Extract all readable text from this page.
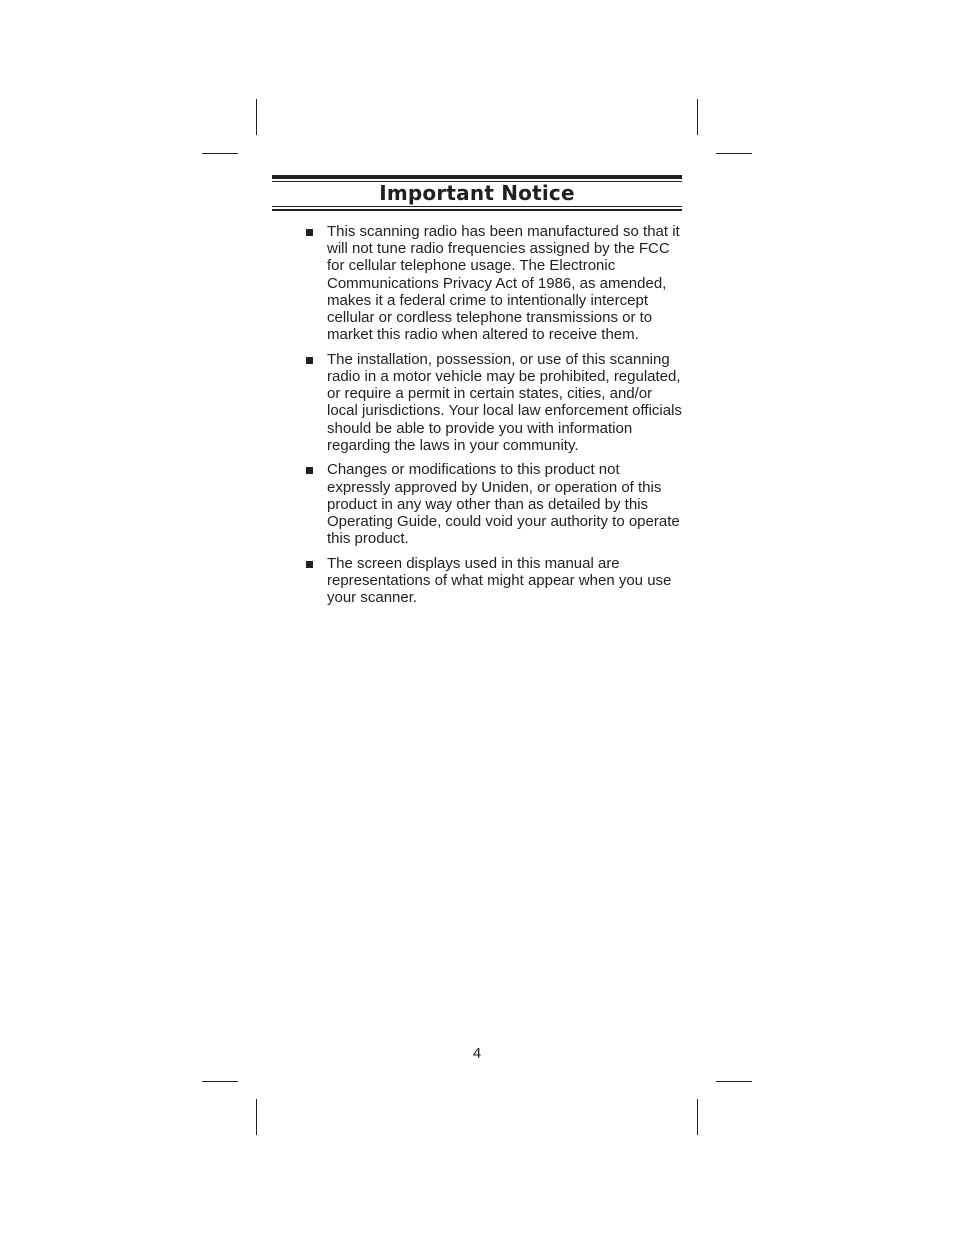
Important Notice
This scanning radio has been manufactured so that it will not tune radio frequencies assigned by the FCC for cellular telephone usage. The Electronic Communications Privacy Act of 1986, as amended, makes it a federal crime to intentionally intercept cellular or cordless telephone transmissions or to market this radio when altered to receive them.
The installation, possession, or use of this scanning radio in a motor vehicle may be prohibited, regulated, or require a permit in certain states, cities, and/or local jurisdictions. Your local law enforcement officials should be able to provide you with information regarding the laws in your community.
Changes or modifications to this product not expressly approved by Uniden, or operation of this product in any way other than as detailed by this Operating Guide, could void your authority to operate this product.
The screen displays used in this manual are representations of what might appear when you use your scanner.
4
